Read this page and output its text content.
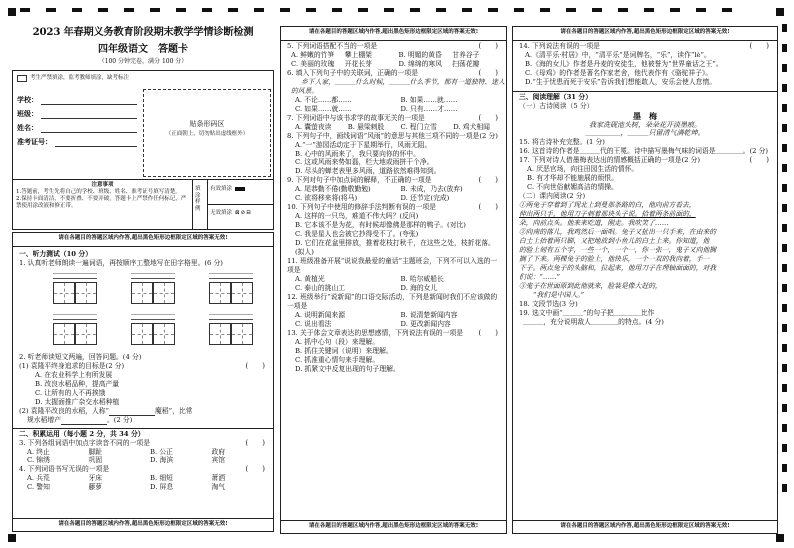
2023 年春期义务教育阶段期末教学学情诊断检测
四年级语文　答题卡
（100 分钟完卷，满分 100 分）
考生严禁填涂，监考教师填涂，缺考标注
学校：
班级：
姓名：
准考证号：
贴条形码区
（正面朝上，切勿贴出虚线框外）
注意事项
1.答题前，考生先将自己的学校、班级、姓名、准考证号填写清楚。
2.保持卡面清洁，不要折叠、不要弄破，答题卡上严禁作任何标记，严禁使用涂改液和修正带。
填涂样例
有效填涂
无效填涂 ⊠⊘⊟
请在各题目的答题区域内作答,超出黑色矩形边框限定区域的答案无效!
一、听力测试（10 分）
1. 认真听老师朗读一遍词语，再按顺序工整地写在田字格里。(6 分)
2. 听老师读短文两遍，回答问题。(4 分)
(1) 袁隆平终身追求的目标是(2 分)	(　　)
A. 在农业科学上有所发展
B. 改良水稻品种，提高产量
C. 让所有的人不再挨饿
D. 太握面推广杂交水稻种植
(2) 袁隆平改良的水稻，人称“	魔稻”，比常
规水稻增产	。(2 分)
二、积累运用（每小题 2 分，共 34 分）
3. 下列各组词语中加点字读音不同的一项是	(　　)
A. 终止	脚趾	B. 公正	政府
C. 锦绣	巩固	D. 海滨	宾馆
4. 下列词语书写无误的一项是	(　　)
A. 兵荒	牙床	B. 细短	萧洒
C. 警知	藤萝	D. 屏息	淘气
请在各题目的答题区域内作答,超出黑色矩形边框限定区域的答案无效!
请在各题目的答题区域内作答,超出黑色矩形边框限定区域的答案无效!
5. 下列词语搭配不当的一项是	(　　)
A. 鲜嫩的竹笋	攀上棚架	B. 明媚的黄昏	甘养谷子
C. 美丽的玫瑰	开花长芽	D. 绵绵的寒风	扫荡花瓣
6. 填入下列句子中的关联词，正确的一项是	(　　)
乡下人家，＿＿＿什么时候，＿＿＿什么季节，都有一道独特、迷人
的风景。
A. 不论……都……	B. 如果……就……
C. 如果……就……	D. 只有……才……
7. 下列词语中与该书求学的故事无关的一项是	(　　)
A. 囊萤夜读	B. 悬梁刺股	C. 程门立雪	D. 鸡犬相闻
8. 下列句子中，画线词语“风雨”的意思与其他三项不同的一项是(2 分)
A.“一”游园活动定于下星期举行，风雨无阻。
B. 心中的风雨来了，我只要向你的怀中。
C. 这或风雨来势如磊，栏大地或雨拼干个净。
D. 尽头的蝉老表里多风雨，道路依然难得知到。
9. 下列对句子中加点词的解释，不正确的一项是	(　　)
A. 尾恭勤不倦(勤敬勤勉)	B. 未成，乃去(放弃)
C. 欲将移来将(将马)	D. 还节定(完成)
10. 下列句子中使用的修辞手法判断有误的一项是	(　　)
A. 这样的一只鸟，难道不伟大吗？(反问)
B. 它本该不是为花，有时候却像佛是那样的鸭子。(对比)
C. 我是星人也会被它抄得受不了。(夸张)
D. 它们在花盆里排放，推着花枝打秋千，在这些之处，枝折花落。(拟人)
11. 班级准备开展“说说我最爱的童话”主题班会，下列不可以入选的一项是
A. 黄植光	B. 哈尔威船长
C. 泰山的挑山工	D. 海的女儿
12. 班级举行“说新闻”的口语交际活动，下列是新闻时我们不应该做的一项是
A. 说明新闻来源	B. 说清楚新闻内容
C. 说出看法	D. 更改新闻内容
13. 关于体会文章表达的思想感情，下列说法有误的一项是 (　　)
A. 抓中心句（段）来理解。
B. 抓住关键词（说明）来理解。
C. 抓准重心情句来手理解。
D. 抓紧文中反复出现的句子理解。
请在各题目的答题区域内作答,超出黑色矩形边框限定区域的答案无效!
请在各题目的答题区域内作答,超出黑色矩形边框限定区域的答案无效!
14. 下列说法有误的一项是	(　　)
A.《清平乐·村居》中，“清平乐”是词牌名，“乐”，读作“lè”。
B.《海的女儿》作者是丹麦的安徒生，他被誉为“世界童话之王”。
C.《母鸡》的作者是著名作家老舍，他代表作有《骆驼祥子》。
D.“生于忧患而死于安乐”告诉我们想能敢人，安乐会使人怠惰。
三、阅读理解（31 分）
（一）古诗阅读（5 分）
墨　梅
我家洗砚池头树，朵朵花开淡墨痕。
＿＿＿＿＿，＿＿＿只留清气满乾坤。
15. 将古诗补充完整。(1 分)
16. 这首诗的作者是＿＿＿代的王冕。诗中描写墨梅气味的词语是＿＿＿＿。(2 分)
17. 下列对诗人借墨梅表达出的情感概括正确的一项是(2 分)	(　　)
A. 厌恶官场，向往田园生活的情怀。
B. 有才华却不能施展的烦恨。
C. 不向世俗献媚高洁的情操。
（二）课内阅读(2 分)
①两兔子穿着到了现北上到曼那条路的白，他向前方看去，
伸出两只手，他用刀子刺着那块头子说。拾着两条前面的，
朵，向前点头。他来来吃道，刚走。我吹笑了……
②向南的落儿，我鸡然后一面唱。兔子又扯出一只手来，在由来的
白土上抬着两只脚，又把地放到小鱼儿的白土上来。你知道，他
的脸上刻有五个字，一些一个，一个一，你一张一，鬼子又向他搁
搁了下来。两棵兔子的脸上，他快乐，一个一双的我向着，手一
下子。两点兔子的头脑和，拉起来，他用刀子在理轴面面的，对我
们说：“……”
③鬼子在世面原到此他就来，脸装是像大赶的，
“我们是中国人。”
18. 文段节选(3 分)
19. 选文中画“＿＿＿”的句子把＿＿＿＿比作
＿＿＿，充分说明敌人＿＿＿＿的特点。(4 分)
请在各题目的答题区域内作答,超出黑色矩形边框限定区域的答案无效!
